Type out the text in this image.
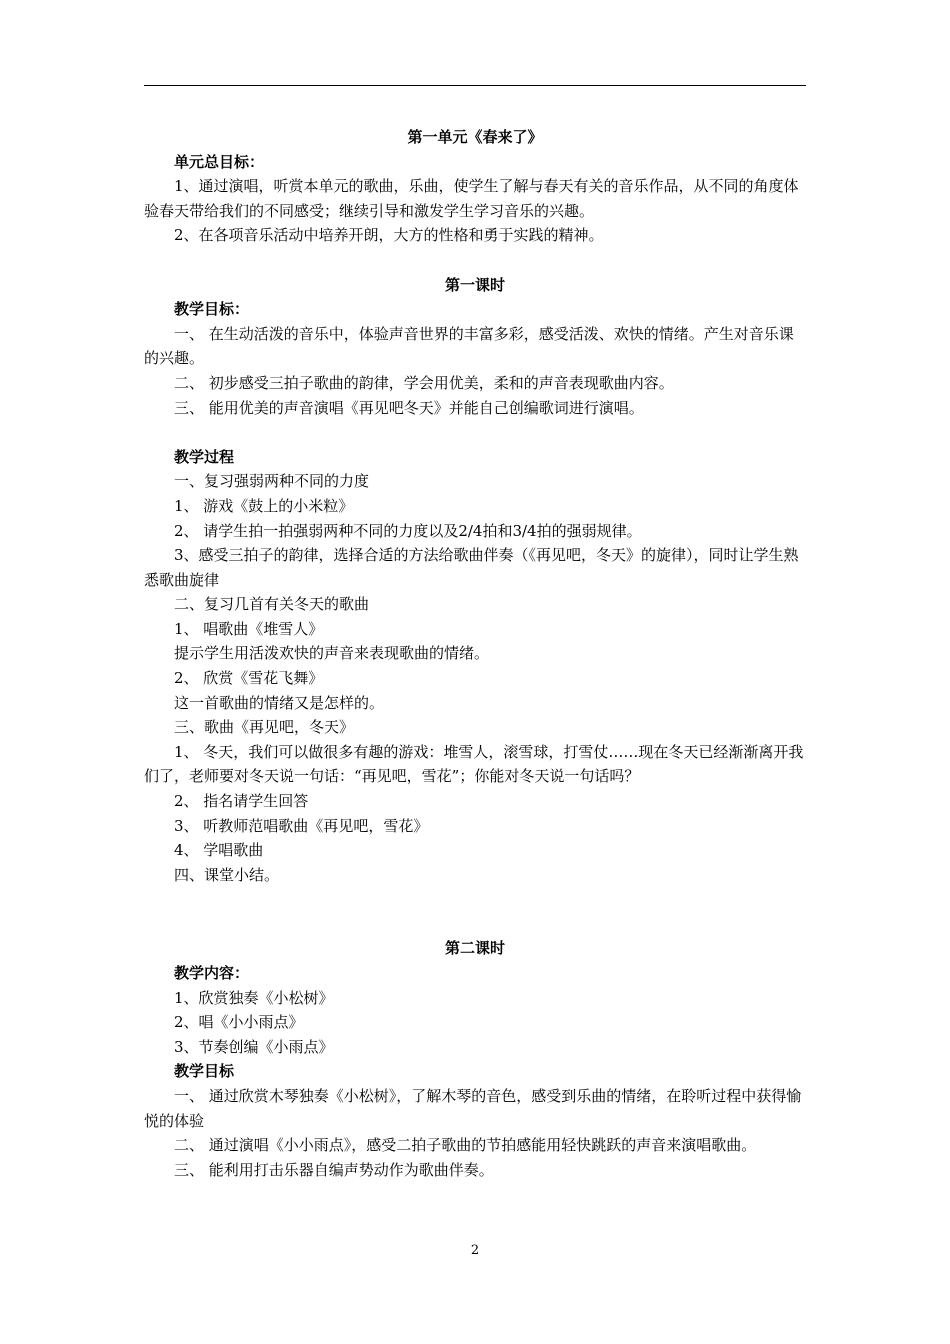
第一单元《春来了》

单元总目标：

1、通过演唱，听赏本单元的歌曲，乐曲，使学生了解与春天有关的音乐作品，从不同的角度体验春天带给我们的不同感受；继续引导和激发学生学习音乐的兴趣。

2、在各项音乐活动中培养开朗，大方的性格和勇于实践的精神。

第一课时

教学目标：

一、 在生动活泼的音乐中，体验声音世界的丰富多彩，感受活泼、欢快的情绪。产生对音乐课的兴趣。

二、 初步感受三拍子歌曲的韵律，学会用优美，柔和的声音表现歌曲内容。

三、 能用优美的声音演唱《再见吧冬天》并能自己创编歌词进行演唱。

教学过程

一、复习强弱两种不同的力度

1、 游戏《鼓上的小米粒》

2、 请学生拍一拍强弱两种不同的力度以及2/4拍和3/4拍的强弱规律。

3、感受三拍子的韵律，选择合适的方法给歌曲伴奏（《再见吧，冬天》的旋律），同时让学生熟悉歌曲旋律

二、复习几首有关冬天的歌曲

1、 唱歌曲《堆雪人》

提示学生用活泼欢快的声音来表现歌曲的情绪。

2、 欣赏《雪花飞舞》

这一首歌曲的情绪又是怎样的。

三、歌曲《再见吧，冬天》

1、 冬天，我们可以做很多有趣的游戏：堆雪人，滚雪球，打雪仗……现在冬天已经渐渐离开我们了，老师要对冬天说一句话：“再见吧，雪花”；你能对冬天说一句话吗？

2、 指名请学生回答

3、 听教师范唱歌曲《再见吧，雪花》

4、 学唱歌曲

四、课堂小结。

第二课时

教学内容：

1、欣赏独奏《小松树》

2、唱《小小雨点》

3、节奏创编《小雨点》

教学目标

一、 通过欣赏木琴独奏《小松树》，了解木琴的音色，感受到乐曲的情绪，在聆听过程中获得愉悦的体验

二、 通过演唱《小小雨点》，感受二拍子歌曲的节拍感能用轻快跳跃的声音来演唱歌曲。

三、 能利用打击乐器自编声势动作为歌曲伴奏。

2
